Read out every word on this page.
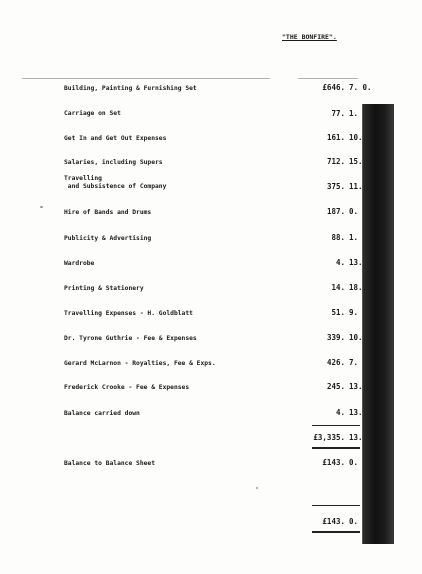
"THE BONFIRE".
Building, Painting & Furnishing Set	£646. 7. 0.
Carriage on Set	77. 1.
Get In and Get Out Expenses	161. 10.
Salaries, including Supers	712. 15.
Travelling
and Subsistence of Company	375. 11.
Hire of Bands and Drums	187. 0.
Publicity & Advertising	88. 1.
Wardrobe	4. 13.
Printing & Stationery	14. 18.
Travelling Expenses - H. Goldblatt	51. 9.
Dr. Tyrone Guthrie - Fee & Expenses	339. 10.
Gerard McLarnon - Royalties, Fee & Exps.	426. 7.
Frederick Crooke - Fee & Expenses	245. 13.
Balance carried down	4. 13.
£3,335. 13.
Balance to Balance Sheet	£143. 0.
£143. 0.
